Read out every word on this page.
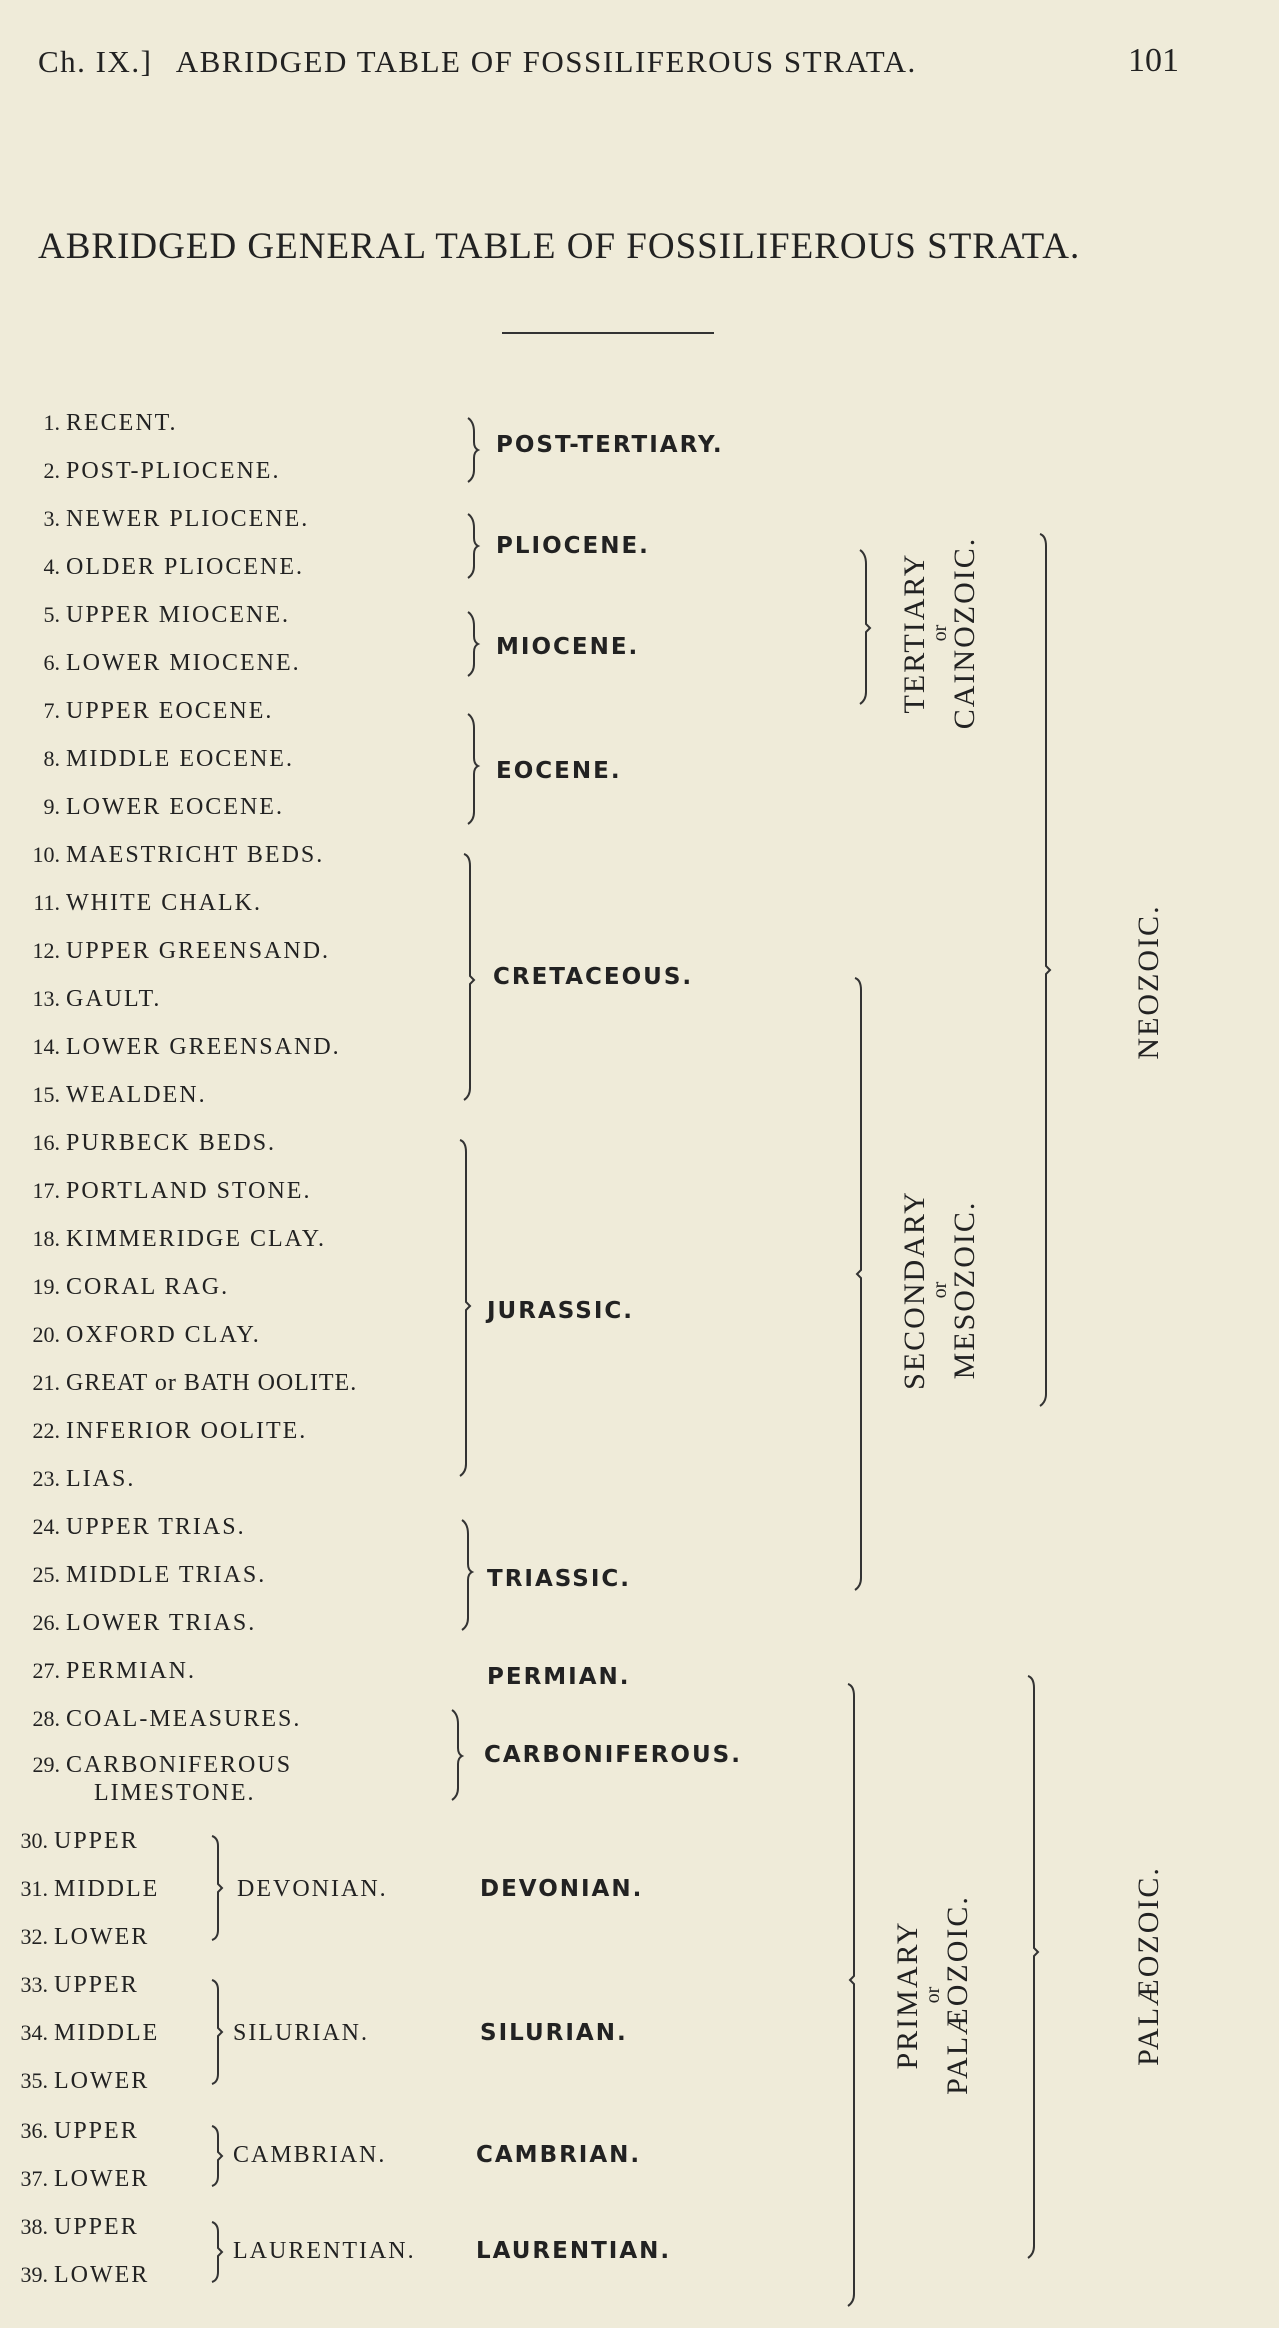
Ch. IX.] ABRIDGED TABLE OF FOSSILIFEROUS STRATA.	101
ABRIDGED GENERAL TABLE OF FOSSILIFEROUS STRATA.
1. RECENT.
2. POST-PLIOCENE.
3. NEWER PLIOCENE.
4. OLDER PLIOCENE.
5. UPPER MIOCENE.
6. LOWER MIOCENE.
7. UPPER EOCENE.
8. MIDDLE EOCENE.
9. LOWER EOCENE.
10. MAESTRICHT BEDS.
11. WHITE CHALK.
12. UPPER GREENSAND.
13. GAULT.
14. LOWER GREENSAND.
15. WEALDEN.
16. PURBECK BEDS.
17. PORTLAND STONE.
18. KIMMERIDGE CLAY.
19. CORAL RAG.
20. OXFORD CLAY.
21. GREAT or BATH OOLITE.
22. INFERIOR OOLITE.
23. LIAS.
24. UPPER TRIAS.
25. MIDDLE TRIAS.
26. LOWER TRIAS.
27. PERMIAN.
28. COAL-MEASURES.
29. CARBONIFEROUS
LIMESTONE.
30. UPPER
31. MIDDLE
32. LOWER
33. UPPER
34. MIDDLE
35. LOWER
36. UPPER
37. LOWER
38. UPPER
39. LOWER
DEVONIAN.
SILURIAN.
CAMBRIAN.
LAURENTIAN.
POST-TERTIARY.
PLIOCENE.
MIOCENE.
EOCENE.
CRETACEOUS.
JURASSIC.
TRIASSIC.
PERMIAN.
CARBONIFEROUS.
DEVONIAN.
SILURIAN.
CAMBRIAN.
LAURENTIAN.
TERTIARY
or
CAINOZOIC.
SECONDARY
or
MESOZOIC.
PRIMARY
or
PALÆOZOIC.
NEOZOIC.
PALÆOZOIC.
